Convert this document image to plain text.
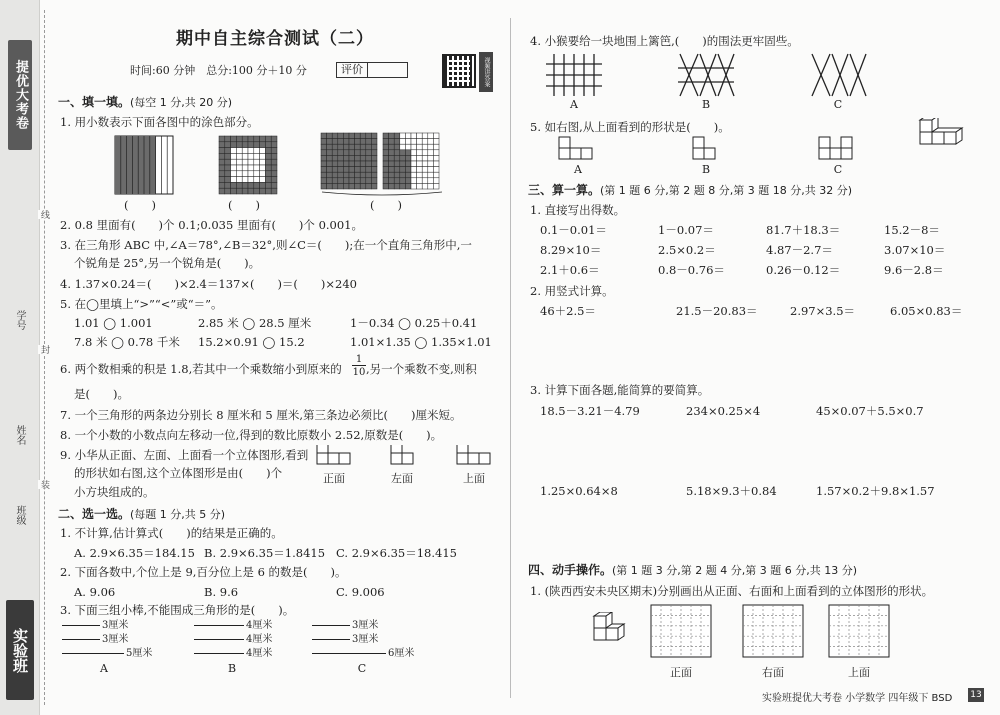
提优大考卷
班级
姓名
学号
实验班
线
封
装
期中自主综合测试（二）
时间:60 分钟　总分:100 分＋10 分	评价	视频讲答案
一、填一填。(每空 1 分,共 20 分)
1. 用小数表示下面各图中的涂色部分。
(　　)	(　　)	(　　)
2. 0.8 里面有(　　)个 0.1;0.035 里面有(　　)个 0.001。
3. 在三角形 ABC 中,∠A＝78°,∠B＝32°,则∠C＝(　　);在一个直角三角形中,一
个锐角是 25°,另一个锐角是(　　)。
4. 1.37×0.24＝(　　)×2.4＝137×(　　)＝(　　)×240
5. 在◯里填上“>”“<”或“＝”。
1.01 ◯ 1.001	2.85 米 ◯ 28.5 厘米	1－0.34 ◯ 0.25＋0.41
7.8 米 ◯ 0.78 千米 15.2×0.91 ◯ 15.2	1.01×1.35 ◯ 1.35×1.01
6. 两个数相乘的积是 1.8,若其中一个乘数缩小到原来的
1
10 ,另一个乘数不变,则积
是(　　)。
7. 一个三角形的两条边分别长 8 厘米和 5 厘米,第三条边必须比(　　)厘米短。
8. 一个小数的小数点向左移动一位,得到的数比原数小 2.52,原数是(　　)。
9. 小华从正面、左面、上面看一个立体图形,看到
的形状如右图,这个立体图形是由(　　)个
小方块组成的。
正面	左面	上面
二、选一选。(每题 1 分,共 5 分)
1. 不计算,估计算式(　　)的结果是正确的。
A. 2.9×6.35＝184.15 B. 2.9×6.35＝1.8415 C. 2.9×6.35＝18.415
2. 下面各数中,个位上是 9,百分位上是 6 的数是(　　)。
A. 9.06	B. 9.6	C. 9.006
3. 下面三组小棒,不能围成三角形的是(　　)。
3厘米
3厘米
5厘米
4厘米
4厘米
4厘米
3厘米
3厘米
6厘米
A	B	C
4. 小猴要给一块地围上篱笆,(　　)的围法更牢固些。
A	B	C
5. 如右图,从上面看到的形状是(　　)。
A	B	C
三、算一算。(第 1 题 6 分,第 2 题 8 分,第 3 题 18 分,共 32 分)
1. 直接写出得数。
0.1－0.01＝	1－0.07＝	81.7＋18.3＝	15.2－8＝
8.29×10＝	2.5×0.2＝	4.87－2.7＝	3.07×10＝
2.1＋0.6＝	0.8－0.76＝	0.26－0.12＝	9.6－2.8＝
2. 用竖式计算。
46＋2.5＝	21.5－20.83＝	2.97×3.5＝	6.05×0.83＝
3. 计算下面各题,能简算的要简算。
18.5－3.21－4.79	234×0.25×4	45×0.07＋5.5×0.7
1.25×0.64×8	5.18×9.3＋0.84	1.57×0.2＋9.8×1.57
四、动手操作。(第 1 题 3 分,第 2 题 4 分,第 3 题 6 分,共 13 分)
1. (陕西西安未央区期末)分别画出从正面、右面和上面看到的立体图形的形状。
正面	右面	上面
实验班提优大考卷 小学数学 四年级下 BSD 13
